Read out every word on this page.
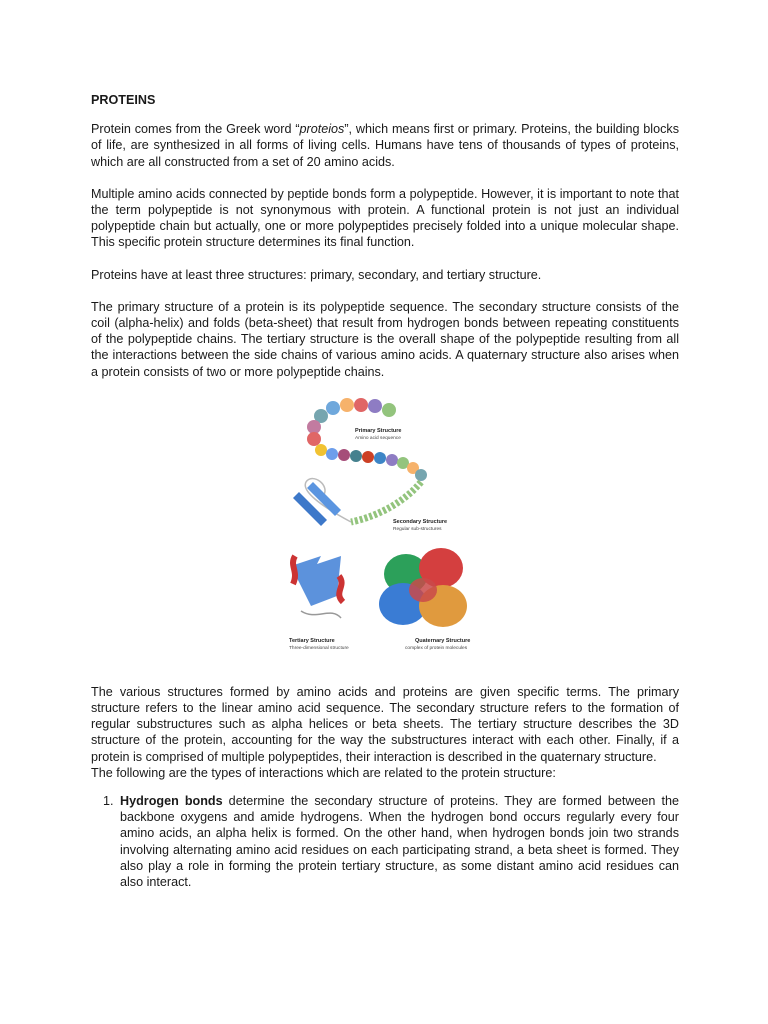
PROTEINS

Protein comes from the Greek word “proteios”, which means first or primary. Proteins, the building blocks of life, are synthesized in all forms of living cells. Humans have tens of thousands of types of proteins, which are all constructed from a set of 20 amino acids.

Multiple amino acids connected by peptide bonds form a polypeptide. However, it is important to note that the term polypeptide is not synonymous with protein. A functional protein is not just an individual polypeptide chain but actually, one or more polypeptides precisely folded into a unique molecular shape. This specific protein structure determines its final function.

Proteins have at least three structures: primary, secondary, and tertiary structure.

The primary structure of a protein is its polypeptide sequence. The secondary structure consists of the coil (alpha-helix) and folds (beta-sheet) that result from hydrogen bonds between repeating constituents of the polypeptide chains. The tertiary structure is the overall shape of the polypeptide resulting from all the interactions between the side chains of various amino acids. A quaternary structure also arises when a protein consists of two or more polypeptide chains.

Primary Structure
Amino acid sequence
Secondary Structure
Regular sub-structures
Tertiary Structure
Three-dimensional structure
Quaternary Structure
complex of protein molecules

The various structures formed by amino acids and proteins are given specific terms. The primary structure refers to the linear amino acid sequence. The secondary structure refers to the formation of regular substructures such as alpha helices or beta sheets. The tertiary structure describes the 3D structure of the protein, accounting for the way the substructures interact with each other. Finally, if a protein is comprised of multiple polypeptides, their interaction is described in the quaternary structure.

The following are the types of interactions which are related to the protein structure:

1. Hydrogen bonds determine the secondary structure of proteins. They are formed between the backbone oxygens and amide hydrogens. When the hydrogen bond occurs regularly every four amino acids, an alpha helix is formed. On the other hand, when hydrogen bonds join two strands involving alternating amino acid residues on each participating strand, a beta sheet is formed. They also play a role in forming the protein tertiary structure, as some distant amino acid residues can also interact.
